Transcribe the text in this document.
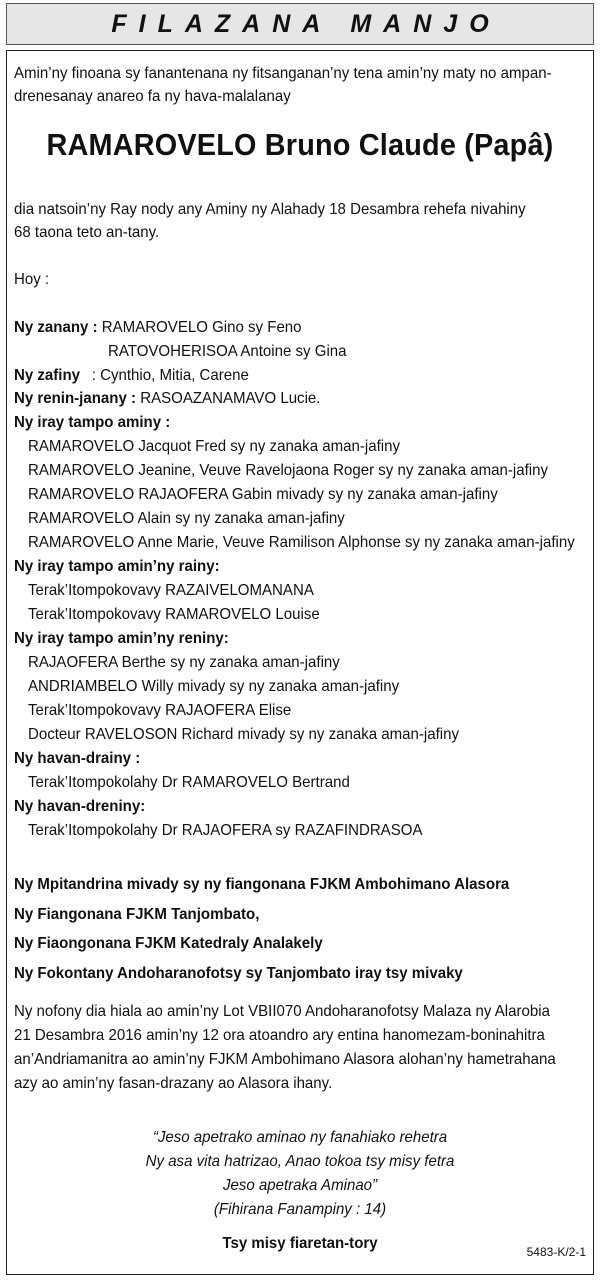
FILAZANA MANJO
Amin’ny finoana sy fanantenana ny fitsanganan’ny tena amin’ny maty no ampan-
drenesanay anareo fa ny hava-malalanay
RAMAROVELO Bruno Claude (Papâ)
dia natsoin’ny Ray nody any Aminy ny Alahady 18 Desambra rehefa nivahiny
68 taona teto an-tany.
Hoy :
Ny zanany : RAMAROVELO Gino sy Feno
RATOVOHERISOA Antoine sy Gina
Ny zafiny : Cynthio, Mitia, Carene
Ny renin-janany : RASOAZANAMAVO Lucie.
Ny iray tampo aminy :
RAMAROVELO Jacquot Fred sy ny zanaka aman-jafiny
RAMAROVELO Jeanine, Veuve Ravelojaona Roger sy ny zanaka aman-jafiny
RAMAROVELO RAJAOFERA Gabin mivady sy ny zanaka aman-jafiny
RAMAROVELO Alain sy ny zanaka aman-jafiny
RAMAROVELO Anne Marie, Veuve Ramilison Alphonse sy ny zanaka aman-jafiny
Ny iray tampo amin’ny rainy:
Terak’Itompokovavy RAZAIVELOMANANA
Terak’Itompokovavy RAMAROVELO Louise
Ny iray tampo amin’ny reniny:
RAJAOFERA Berthe sy ny zanaka aman-jafiny
ANDRIAMBELO Willy mivady sy ny zanaka aman-jafiny
Terak’Itompokovavy RAJAOFERA Elise
Docteur RAVELOSON Richard mivady sy ny zanaka aman-jafiny
Ny havan-drainy :
Terak’Itompokolahy Dr RAMAROVELO Bertrand
Ny havan-dreniny:
Terak’Itompokolahy Dr RAJAOFERA sy RAZAFINDRASOA
Ny Mpitandrina mivady sy ny fiangonana FJKM Ambohimano Alasora
Ny Fiangonana FJKM Tanjombato,
Ny Fiaongonana FJKM Katedraly Analakely
Ny Fokontany Andoharanofotsy sy Tanjombato iray tsy mivaky
Ny nofony dia hiala ao amin’ny Lot VBII070 Andoharanofotsy Malaza ny Alarobia
21 Desambra 2016 amin’ny 12 ora atoandro ary entina hanomezam-boninahitra
an’Andriamanitra ao amin’ny FJKM Ambohimano Alasora alohan’ny hametrahana
azy ao amin’ny fasan-drazany ao Alasora ihany.
“Jeso apetrako aminao ny fanahiako rehetra
Ny asa vita hatrizao, Anao tokoa tsy misy fetra
Jeso apetraka Aminao”
(Fihirana Fanampiny : 14)
Tsy misy fiaretan-tory	5483-K/2-1
